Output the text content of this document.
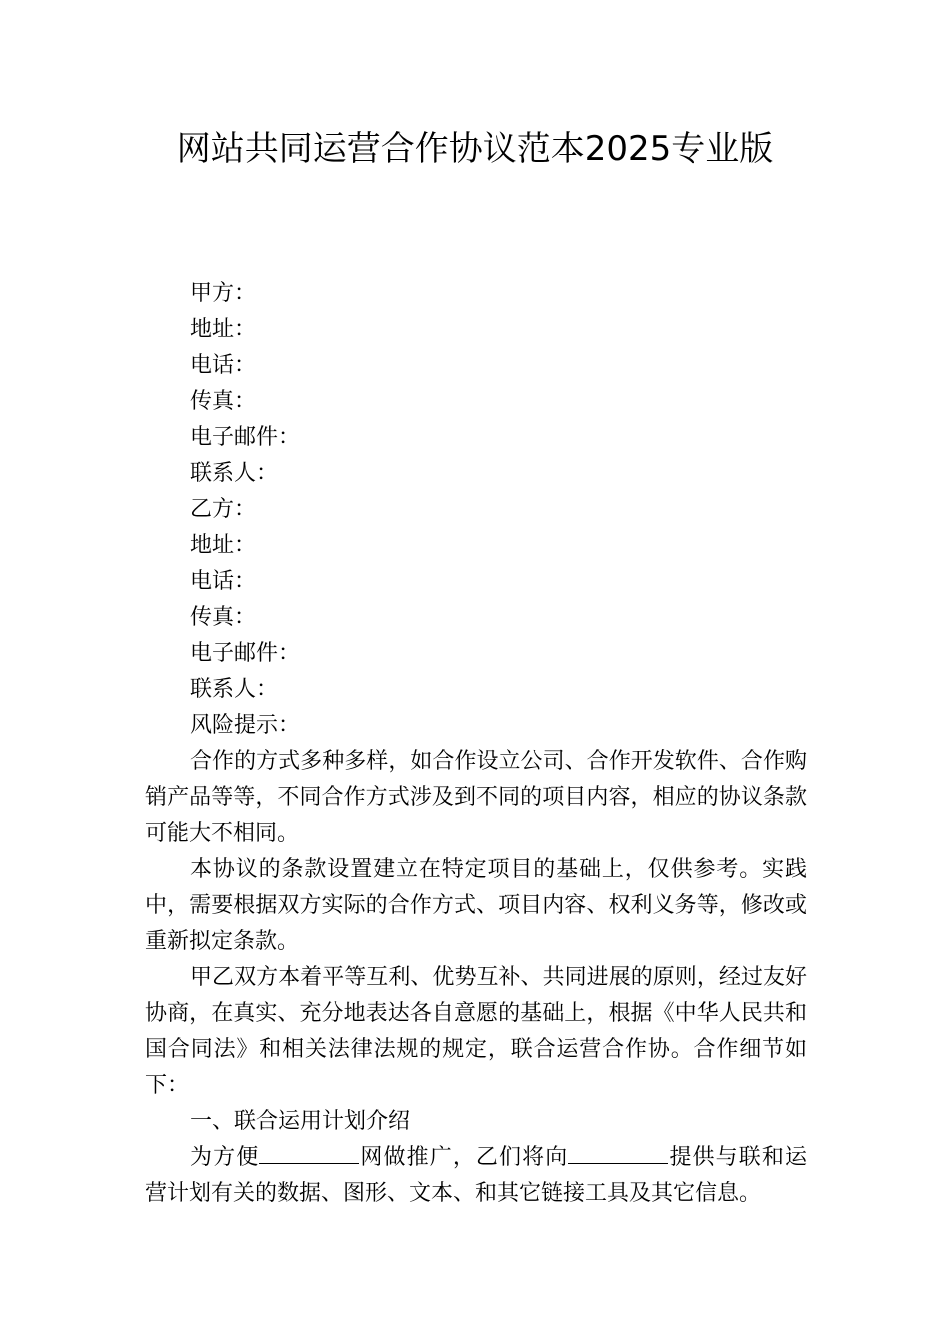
网站共同运营合作协议范本2025专业版

甲方：

地址：

电话：

传真：

电子邮件：

联系人：

乙方：

地址：

电话：

传真：

电子邮件：

联系人：

风险提示：

合作的方式多种多样，如合作设立公司、合作开发软件、合作购销产品等等，不同合作方式涉及到不同的项目内容，相应的协议条款可能大不相同。

本协议的条款设置建立在特定项目的基础上，仅供参考。实践中，需要根据双方实际的合作方式、项目内容、权利义务等，修改或重新拟定条款。

甲乙双方本着平等互利、优势互补、共同进展的原则，经过友好协商，在真实、充分地表达各自意愿的基础上，根据《中华人民共和国合同法》和相关法律法规的规定，联合运营合作协。合作细节如下：

一、联合运用计划介绍

为方便	网做推广，乙们将向	提供与联和运营计划有关的数据、图形、文本、和其它链接工具及其它信息。
